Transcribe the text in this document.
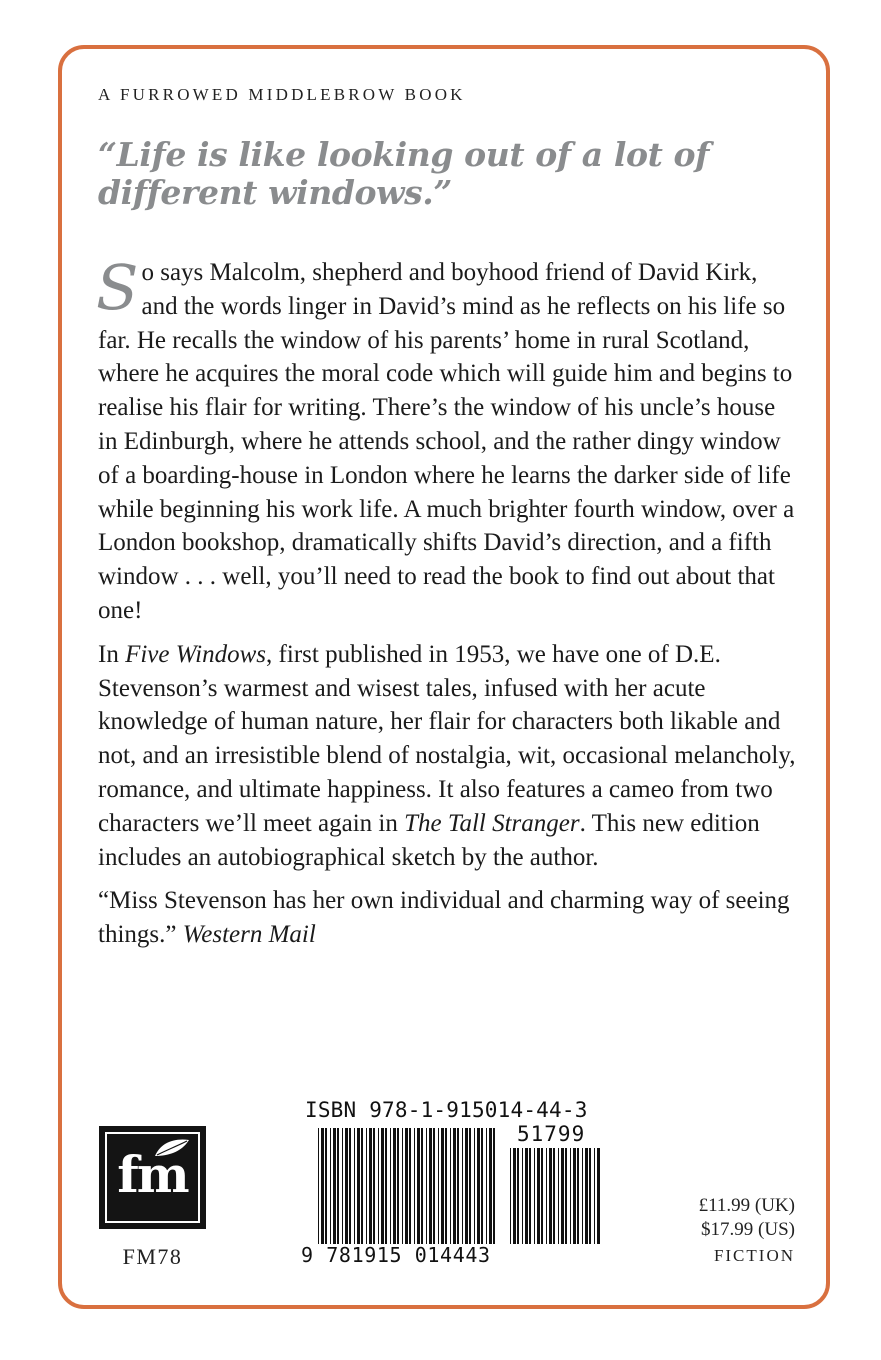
A FURROWED MIDDLEBROW BOOK
“Life is like looking out of a lot of different windows.”

So says Malcolm, shepherd and boyhood friend of David Kirk, and the words linger in David’s mind as he reflects on his life so far. He recalls the window of his parents’ home in rural Scotland, where he acquires the moral code which will guide him and begins to realise his flair for writing. There’s the window of his uncle’s house in Edinburgh, where he attends school, and the rather dingy window of a boarding-house in London where he learns the darker side of life while beginning his work life. A much brighter fourth window, over a London bookshop, dramatically shifts David’s direction, and a fifth window . . . well, you’ll need to read the book to find out about that one!

In Five Windows, first published in 1953, we have one of D.E. Stevenson’s warmest and wisest tales, infused with her acute knowledge of human nature, her flair for characters both likable and not, and an irresistible blend of nostalgia, wit, occasional melancholy, romance, and ultimate happiness. It also features a cameo from two characters we’ll meet again in The Tall Stranger. This new edition includes an autobiographical sketch by the author.

“Miss Stevenson has her own individual and charming way of seeing things.” Western Mail

fm
FM78
ISBN 978-1-915014-44-3
51799
9 781915 014443
£11.99 (UK)
$17.99 (US)
FICTION
